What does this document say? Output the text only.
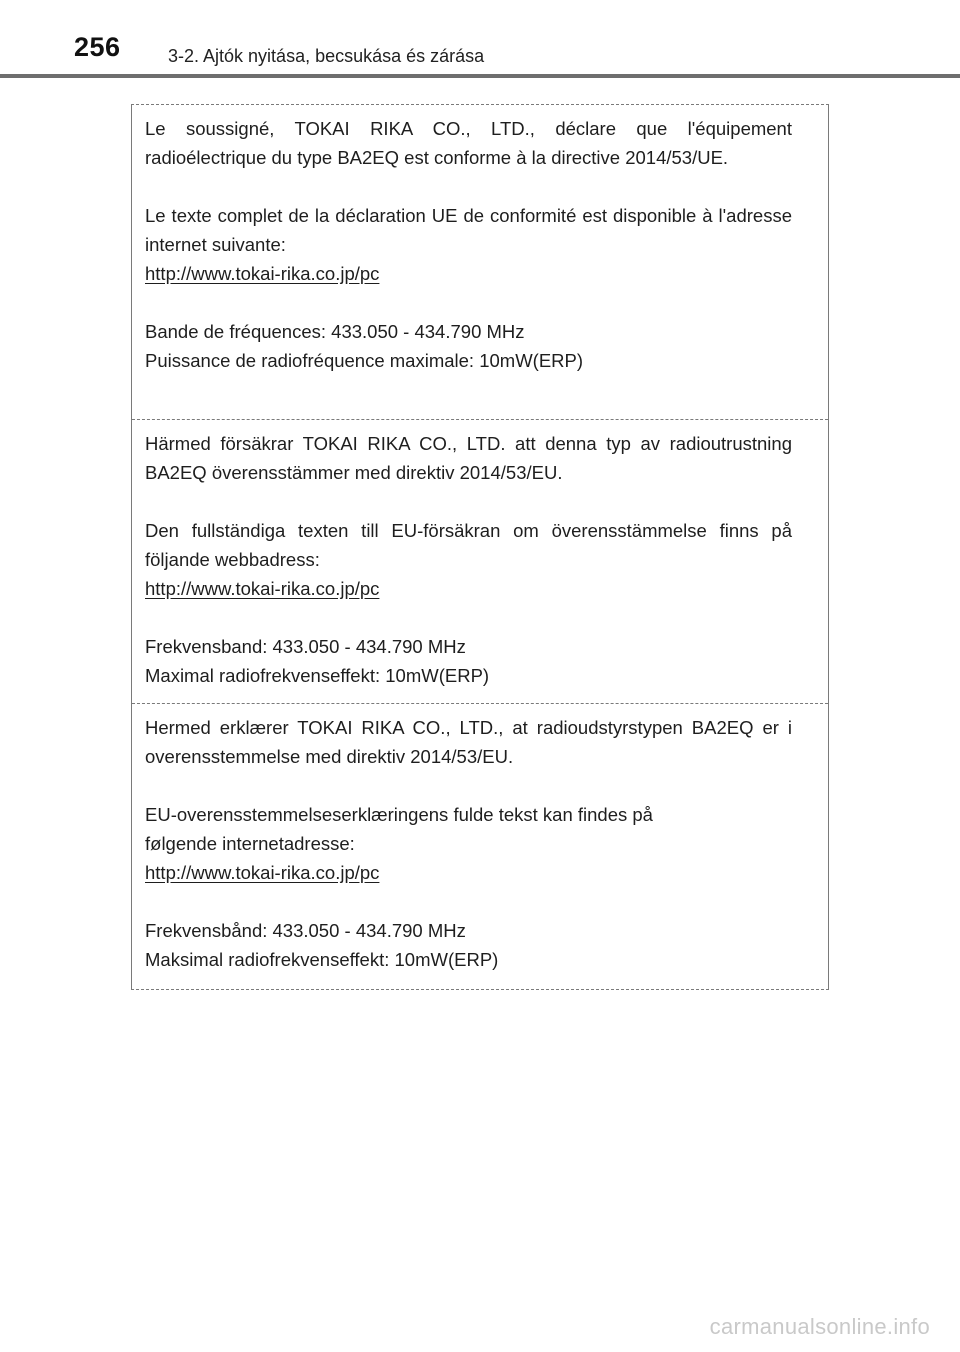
256	3-2. Ajtók nyitása, becsukása és zárása

Le soussigné, TOKAI RIKA CO., LTD., déclare que l'équipement radioélectrique du type BA2EQ est conforme à la directive 2014/53/UE.

Le texte complet de la déclaration UE de conformité est disponible à l'adresse internet suivante:

http://www.tokai-rika.co.jp/pc

Bande de fréquences: 433.050 - 434.790 MHz

Puissance de radiofréquence maximale: 10mW(ERP)

Härmed försäkrar TOKAI RIKA CO., LTD. att denna typ av radioutrustning BA2EQ överensstämmer med direktiv 2014/53/EU.

Den fullständiga texten till EU-försäkran om överensstämmelse finns på följande webbadress:

http://www.tokai-rika.co.jp/pc

Frekvensband: 433.050 - 434.790 MHz

Maximal radiofrekvenseffekt: 10mW(ERP)

Hermed erklærer TOKAI RIKA CO., LTD., at radioudstyrstypen BA2EQ er i overensstemmelse med direktiv 2014/53/EU.

EU-overensstemmelseserklæringens fulde tekst kan findes på

følgende internetadresse:

http://www.tokai-rika.co.jp/pc

Frekvensbånd: 433.050 - 434.790 MHz

Maksimal radiofrekvenseffekt: 10mW(ERP)

carmanualsonline.info
